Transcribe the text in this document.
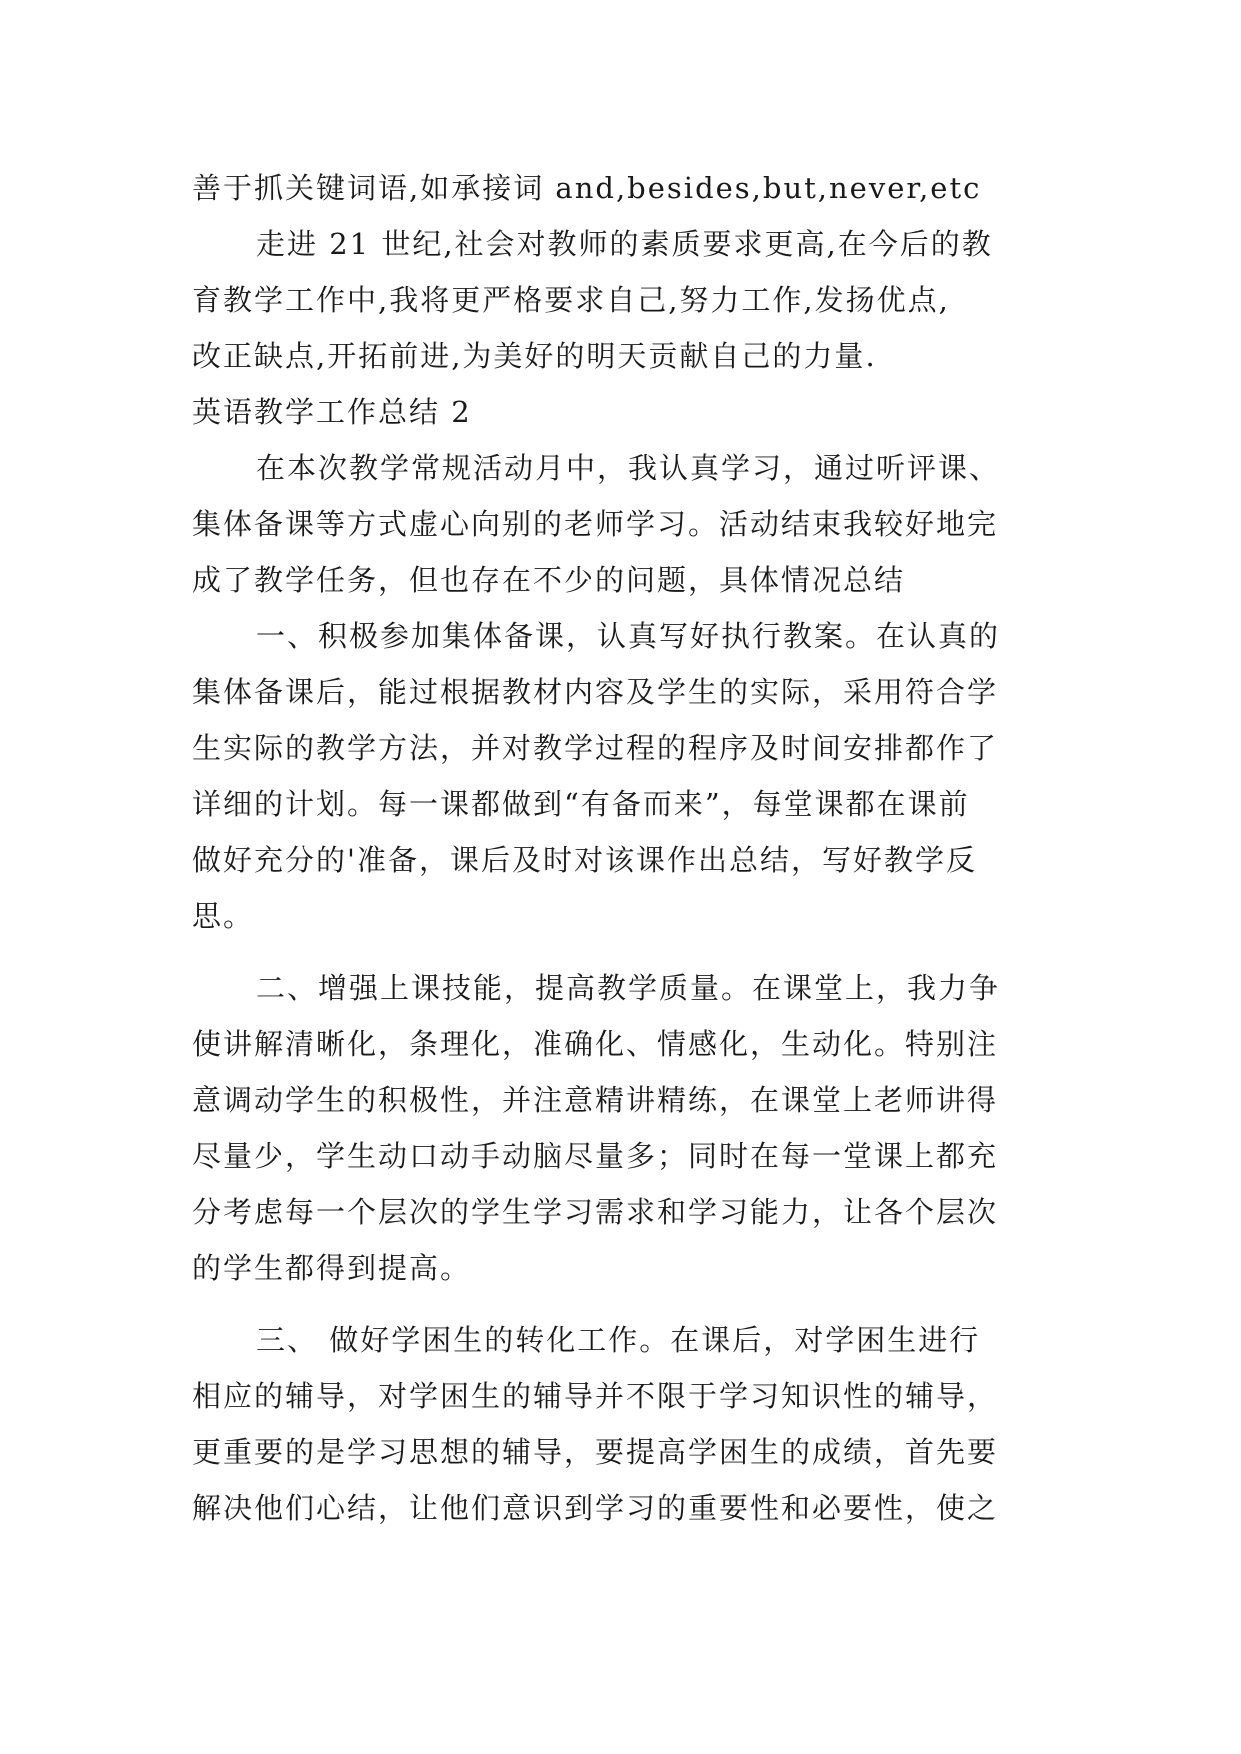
善于抓关键词语,如承接词 and,besides,but,never,etc

走进 21 世纪,社会对教师的素质要求更高,在今后的教

育教学工作中,我将更严格要求自己,努力工作,发扬优点,

改正缺点,开拓前进,为美好的明天贡献自己的力量.

英语教学工作总结 2

在本次教学常规活动月中，我认真学习，通过听评课、

集体备课等方式虚心向别的老师学习。活动结束我较好地完

成了教学任务，但也存在不少的问题，具体情况总结

一、积极参加集体备课，认真写好执行教案。在认真的

集体备课后，能过根据教材内容及学生的实际，采用符合学

生实际的教学方法，并对教学过程的程序及时间安排都作了

详细的计划。每一课都做到“有备而来”，每堂课都在课前

做好充分的'准备，课后及时对该课作出总结，写好教学反

思。

二、增强上课技能，提高教学质量。在课堂上，我力争

使讲解清晰化，条理化，准确化、情感化，生动化。特别注

意调动学生的积极性，并注意精讲精练，在课堂上老师讲得

尽量少，学生动口动手动脑尽量多；同时在每一堂课上都充

分考虑每一个层次的学生学习需求和学习能力，让各个层次

的学生都得到提高。

三、 做好学困生的转化工作。在课后，对学困生进行

相应的辅导，对学困生的辅导并不限于学习知识性的辅导，

更重要的是学习思想的辅导，要提高学困生的成绩，首先要

解决他们心结，让他们意识到学习的重要性和必要性，使之
